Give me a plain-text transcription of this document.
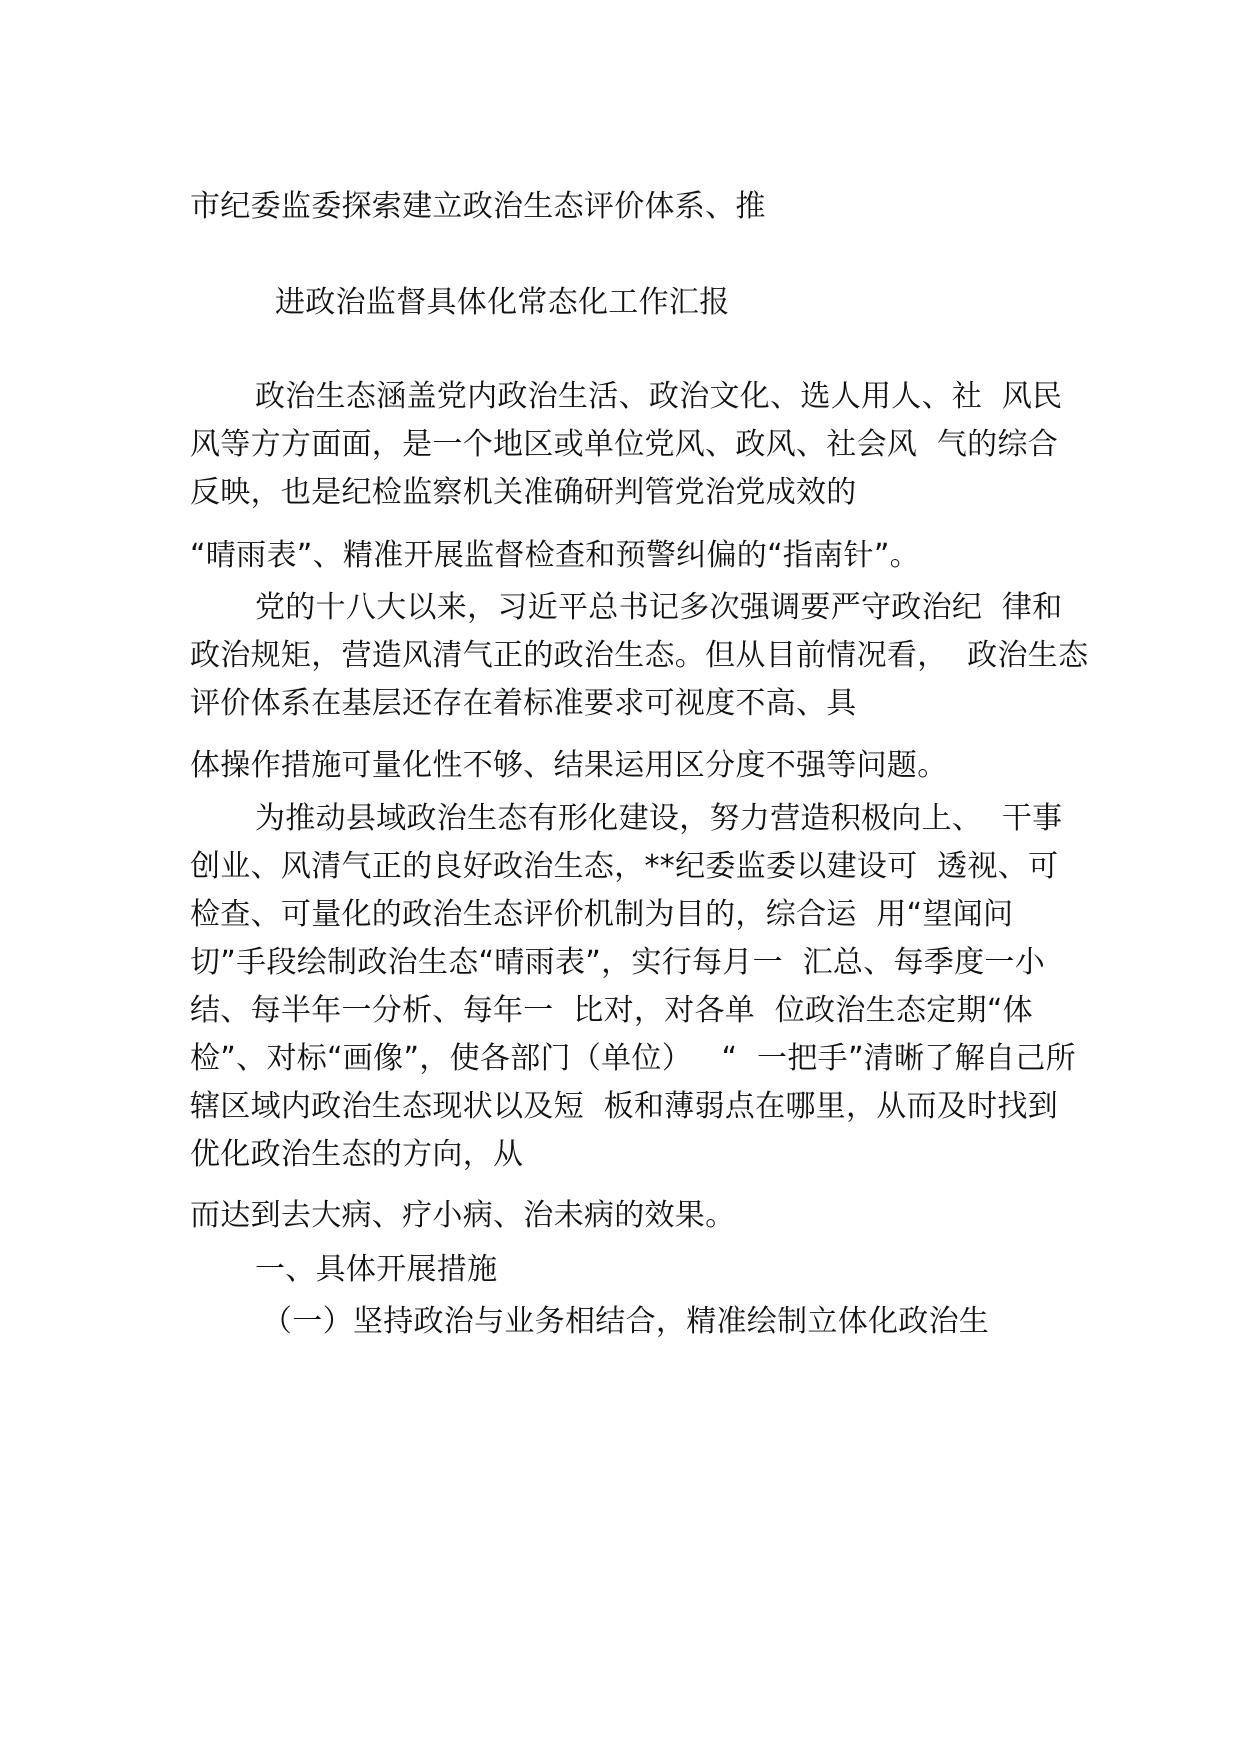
市纪委监委探索建立政治生态评价体系、推
进政治监督具体化常态化工作汇报
政治生态涵盖党内政治生活、政治文化、选人用人、社  风民
风等方方面面，是一个地区或单位党风、政风、社会风  气的综合
反映，也是纪检监察机关准确研判管党治党成效的
“晴雨表”、精准开展监督检查和预警纠偏的“指南针”。
党的十八大以来，习近平总书记多次强调要严守政治纪  律和
政治规矩，营造风清气正的政治生态。但从目前情况看，  政治生态
评价体系在基层还存在着标准要求可视度不高、具
体操作措施可量化性不够、结果运用区分度不强等问题。
为推动县域政治生态有形化建设，努力营造积极向上、  干事
创业、风清气正的良好政治生态，**纪委监委以建设可  透视、可
检查、可量化的政治生态评价机制为目的，综合运  用“望闻问
切”手段绘制政治生态“晴雨表”，实行每月一  汇总、每季度一小
结、每半年一分析、每年一  比对，对各单  位政治生态定期“体
检”、对标“画像”，使各部门（单位）   “  一把手”清晰了解自己所
辖区域内政治生态现状以及短  板和薄弱点在哪里，从而及时找到
优化政治生态的方向，从
而达到去大病、疗小病、治未病的效果。
一、具体开展措施
（一）坚持政治与业务相结合，精准绘制立体化政治生
